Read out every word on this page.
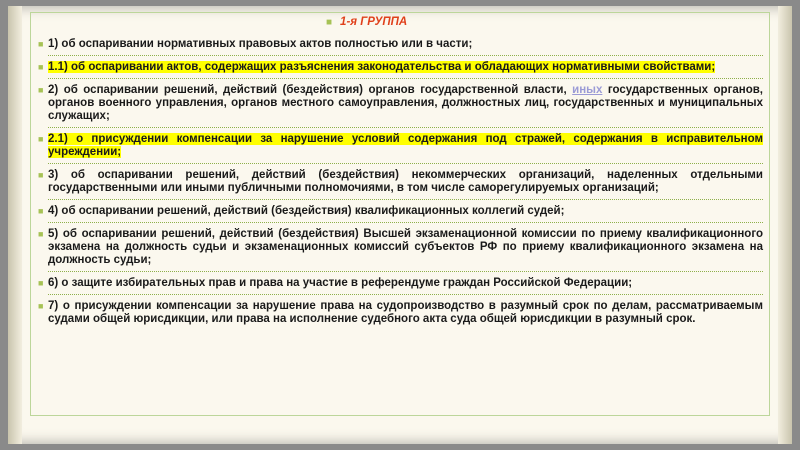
■ 1-я ГРУППА
■ 1) об оспаривании нормативных правовых актов полностью или в части;
■ 1.1) об оспаривании актов, содержащих разъяснения законодательства и обладающих нормативными свойствами;
■ 2) об оспаривании решений, действий (бездействия) органов государственной власти, иных государственных органов, органов военного управления, органов местного самоуправления, должностных лиц, государственных и муниципальных служащих;
■ 2.1) о присуждении компенсации за нарушение условий содержания под стражей, содержания в исправительном учреждении;
■ 3) об оспаривании решений, действий (бездействия) некоммерческих организаций, наделенных отдельными государственными или иными публичными полномочиями, в том числе саморегулируемых организаций;
■ 4) об оспаривании решений, действий (бездействия) квалификационных коллегий судей;
■ 5) об оспаривании решений, действий (бездействия) Высшей экзаменационной комиссии по приему квалификационного экзамена на должность судьи и экзаменационных комиссий субъектов РФ по приему квалификационного экзамена на должность судьи;
■ 6) о защите избирательных прав и права на участие в референдуме граждан Российской Федерации;
■ 7) о присуждении компенсации за нарушение права на судопроизводство в разумный срок по делам, рассматриваемым судами общей юрисдикции, или права на исполнение судебного акта суда общей юрисдикции в разумный срок.
